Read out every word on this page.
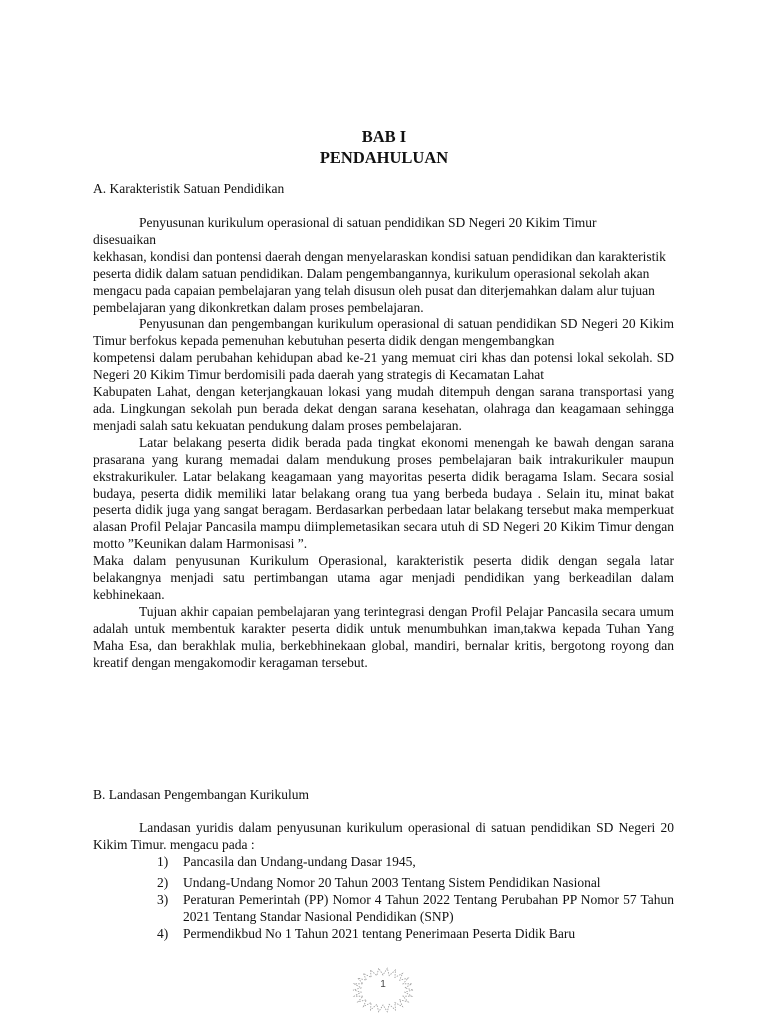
BAB I
PENDAHULUAN
A. Karakteristik Satuan Pendidikan

Penyusunan kurikulum operasional di satuan pendidikan SD Negeri 20 Kikim Timur

disesuaikan

kekhasan, kondisi dan pontensi daerah dengan menyelaraskan kondisi satuan pendidikan dan karakteristik peserta didik dalam satuan pendidikan. Dalam pengembangannya, kurikulum operasional sekolah akan mengacu pada capaian pembelajaran yang telah disusun oleh pusat dan diterjemahkan dalam alur tujuan pembelajaran yang dikonkretkan dalam proses pembelajaran.

Penyusunan dan pengembangan kurikulum operasional di satuan pendidikan SD Negeri 20 Kikim Timur berfokus kepada pemenuhan kebutuhan peserta didik dengan mengembangkan

kompetensi dalam perubahan kehidupan abad ke-21 yang memuat ciri khas dan potensi lokal sekolah. SD Negeri 20 Kikim Timur berdomisili pada daerah yang strategis di Kecamatan Lahat

Kabupaten Lahat, dengan keterjangkauan lokasi yang mudah ditempuh dengan sarana transportasi yang ada. Lingkungan sekolah pun berada dekat dengan sarana kesehatan, olahraga dan keagamaan sehingga menjadi salah satu kekuatan pendukung dalam proses pembelajaran.

Latar belakang peserta didik berada pada tingkat ekonomi menengah ke bawah dengan sarana prasarana yang kurang memadai dalam mendukung proses pembelajaran baik intrakurikuler maupun ekstrakurikuler. Latar belakang keagamaan yang mayoritas peserta didik beragama Islam. Secara sosial budaya, peserta didik memiliki latar belakang orang tua yang berbeda budaya . Selain itu, minat bakat peserta didik juga yang sangat beragam. Berdasarkan perbedaan latar belakang tersebut maka memperkuat alasan Profil Pelajar Pancasila mampu diimplemetasikan secara utuh di SD Negeri 20 Kikim Timur dengan motto ”Keunikan dalam Harmonisasi ”.

Maka dalam penyusunan Kurikulum Operasional, karakteristik peserta didik dengan segala latar belakangnya menjadi satu pertimbangan utama agar menjadi pendidikan yang berkeadilan dalam kebhinekaan.

Tujuan akhir capaian pembelajaran yang terintegrasi dengan Profil Pelajar Pancasila secara umum adalah untuk membentuk karakter peserta didik untuk menumbuhkan iman,takwa kepada Tuhan Yang Maha Esa, dan berakhlak mulia, berkebhinekaan global, mandiri, bernalar kritis, bergotong royong dan kreatif dengan mengakomodir keragaman tersebut.

B. Landasan Pengembangan Kurikulum

Landasan yuridis dalam penyusunan kurikulum operasional di satuan pendidikan SD Negeri 20 Kikim Timur. mengacu pada :

1) Pancasila dan Undang-undang Dasar 1945,
2) Undang-Undang Nomor 20 Tahun 2003 Tentang Sistem Pendidikan Nasional
3) Peraturan Pemerintah (PP) Nomor 4 Tahun 2022 Tentang Perubahan PP Nomor 57 Tahun 2021 Tentang Standar Nasional Pendidikan (SNP)
4) Permendikbud No 1 Tahun 2021 tentang Penerimaan Peserta Didik Baru
1
